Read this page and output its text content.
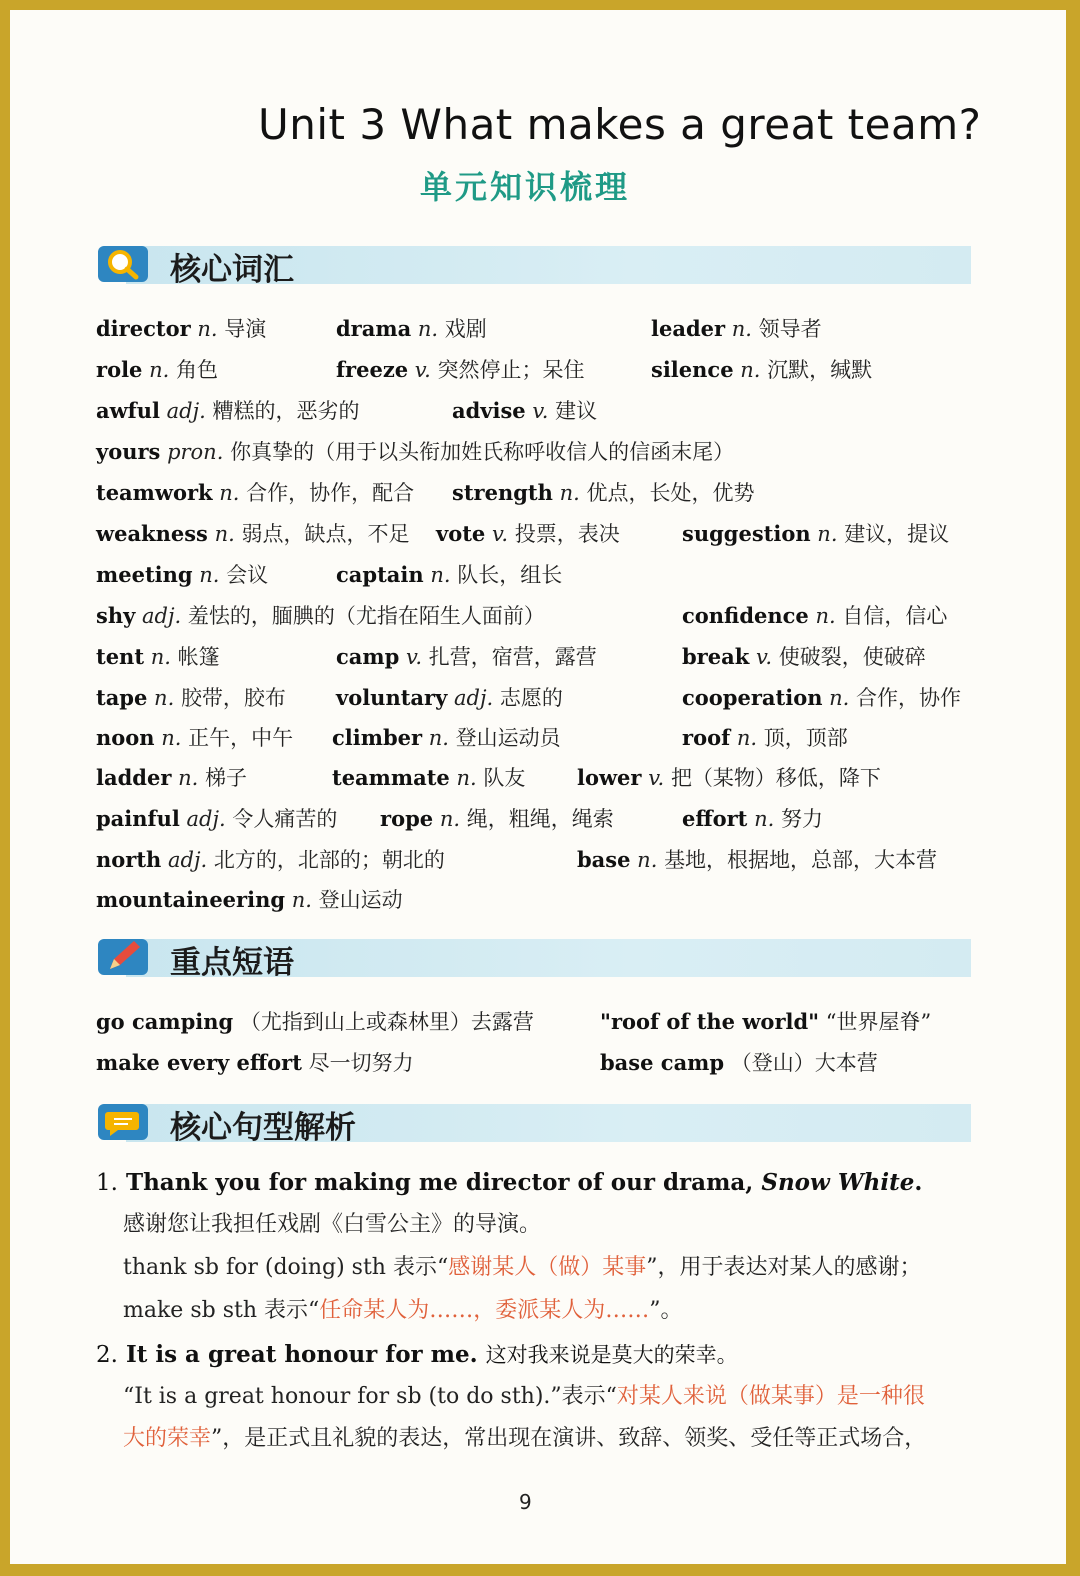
Unit 3 What makes a great team?
单元知识梳理
核心词汇
director n. 导演	drama n. 戏剧	leader n. 领导者
role n. 角色	freeze v. 突然停止；呆住	silence n. 沉默，缄默
awful adj. 糟糕的，恶劣的	advise v. 建议
yours pron. 你真挚的（用于以头衔加姓氏称呼收信人的信函末尾）
teamwork n. 合作，协作，配合 strength n. 优点，长处，优势
weakness n. 弱点，缺点，不足 vote v. 投票，表决	suggestion n. 建议，提议
meeting n. 会议	captain n. 队长，组长
shy adj. 羞怯的，腼腆的（尤指在陌生人面前）	confidence n. 自信，信心
tent n. 帐篷	camp v. 扎营，宿营，露营	break v. 使破裂，使破碎
tape n. 胶带，胶布 voluntary adj. 志愿的	cooperation n. 合作，协作
noon n. 正午，中午 climber n. 登山运动员	roof n. 顶，顶部
ladder n. 梯子	teammate n. 队友 lower v. 把（某物）移低，降下
painful adj. 令人痛苦的 rope n. 绳，粗绳，绳索	effort n. 努力
north adj. 北方的，北部的；朝北的	base n. 基地，根据地，总部，大本营
mountaineering n. 登山运动
重点短语
go camping （尤指到山上或森林里）去露营	"roof of the world" “世界屋脊”
make every effort 尽一切努力	base camp （登山）大本营
核心句型解析
1. Thank you for making me director of our drama, Snow White.
感谢您让我担任戏剧《白雪公主》的导演。
thank sb for (doing) sth 表示“感谢某人（做）某事”，用于表达对某人的感谢；
make sb sth 表示“任命某人为……，委派某人为……”。
2. It is a great honour for me. 这对我来说是莫大的荣幸。
“It is a great honour for sb (to do sth).”表示“对某人来说（做某事）是一种很
大的荣幸”，是正式且礼貌的表达，常出现在演讲、致辞、领奖、受任等正式场合，
9
